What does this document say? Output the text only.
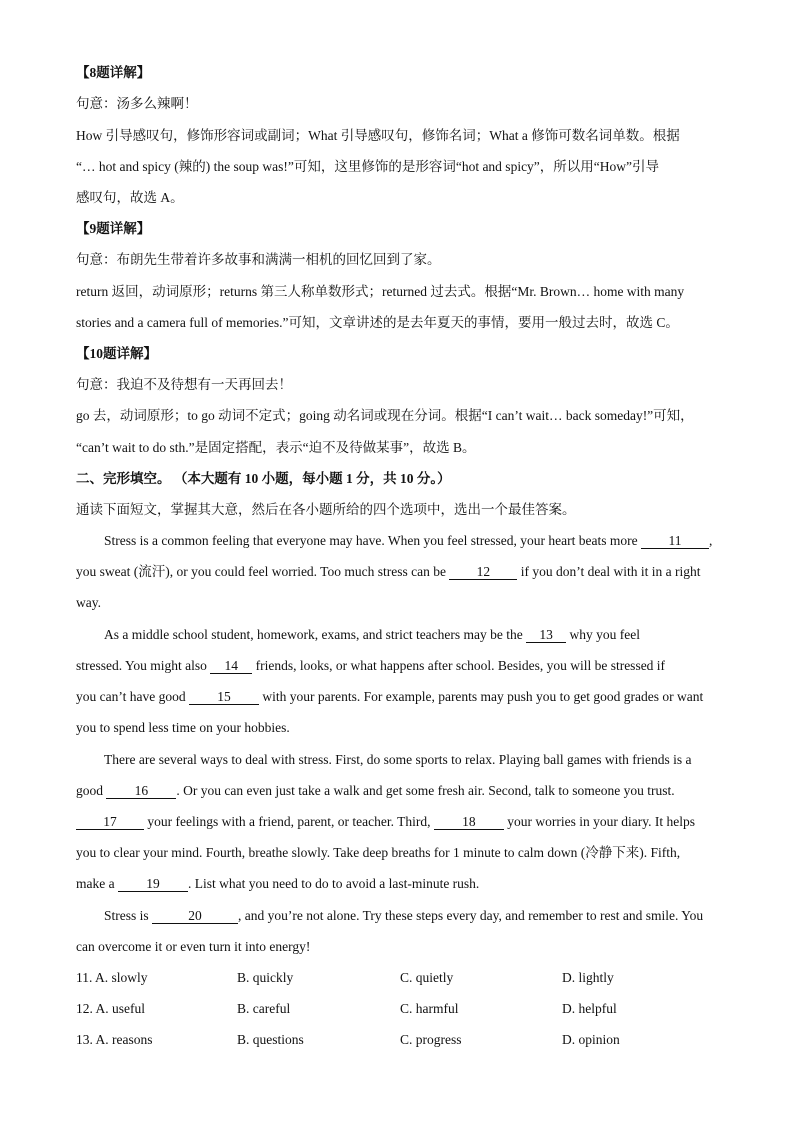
【8题详解】
句意：汤多么辣啊！
How 引导感叹句，修饰形容词或副词；What 引导感叹句，修饰名词；What a 修饰可数名词单数。根据
“… hot and spicy (辣的) the soup was!”可知，这里修饰的是形容词“hot and spicy”，所以用“How”引导
感叹句，故选 A。
【9题详解】
句意：布朗先生带着许多故事和满满一相机的回忆回到了家。
return 返回，动词原形；returns 第三人称单数形式；returned 过去式。根据“Mr. Brown… home with many
stories and a camera full of memories.”可知，文章讲述的是去年夏天的事情，要用一般过去时，故选 C。
【10题详解】
句意：我迫不及待想有一天再回去！
go 去，动词原形；to go 动词不定式；going 动名词或现在分词。根据“I can’t wait… back someday!”可知，
“can’t wait to do sth.”是固定搭配，表示“迫不及待做某事”，故选 B。
二、完形填空。 （本大题有 10 小题，每小题 1 分，共 10 分。）
通读下面短文，掌握其大意，然后在各小题所给的四个选项中，选出一个最佳答案。
Stress is a common feeling that everyone may have. When you feel stressed, your heart beats more 11 ,
you sweat (流汗), or you could feel worried. Too much stress can be 12 if you don’t deal with it in a right
way.
As a middle school student, homework, exams, and strict teachers may be the 13 why you feel
stressed. You might also 14 friends, looks, or what happens after school. Besides, you will be stressed if
you can’t have good 15 with your parents. For example, parents may push you to get good grades or want
you to spend less time on your hobbies.
There are several ways to deal with stress. First, do some sports to relax. Playing ball games with friends is a
good 16 . Or you can even just take a walk and get some fresh air. Second, talk to someone you trust.
17 your feelings with a friend, parent, or teacher. Third, 18 your worries in your diary. It helps
you to clear your mind. Fourth, breathe slowly. Take deep breaths for 1 minute to calm down (冷静下来). Fifth,
make a 19 . List what you need to do to avoid a last-minute rush.
Stress is	20	, and you’re not alone. Try these steps every day, and remember to rest and smile. You
can overcome it or even turn it into energy!
11. A. slowly	B. quickly	C. quietly	D. lightly
12. A. useful	B. careful	C. harmful	D. helpful
13. A. reasons	B. questions	C. progress	D. opinion
